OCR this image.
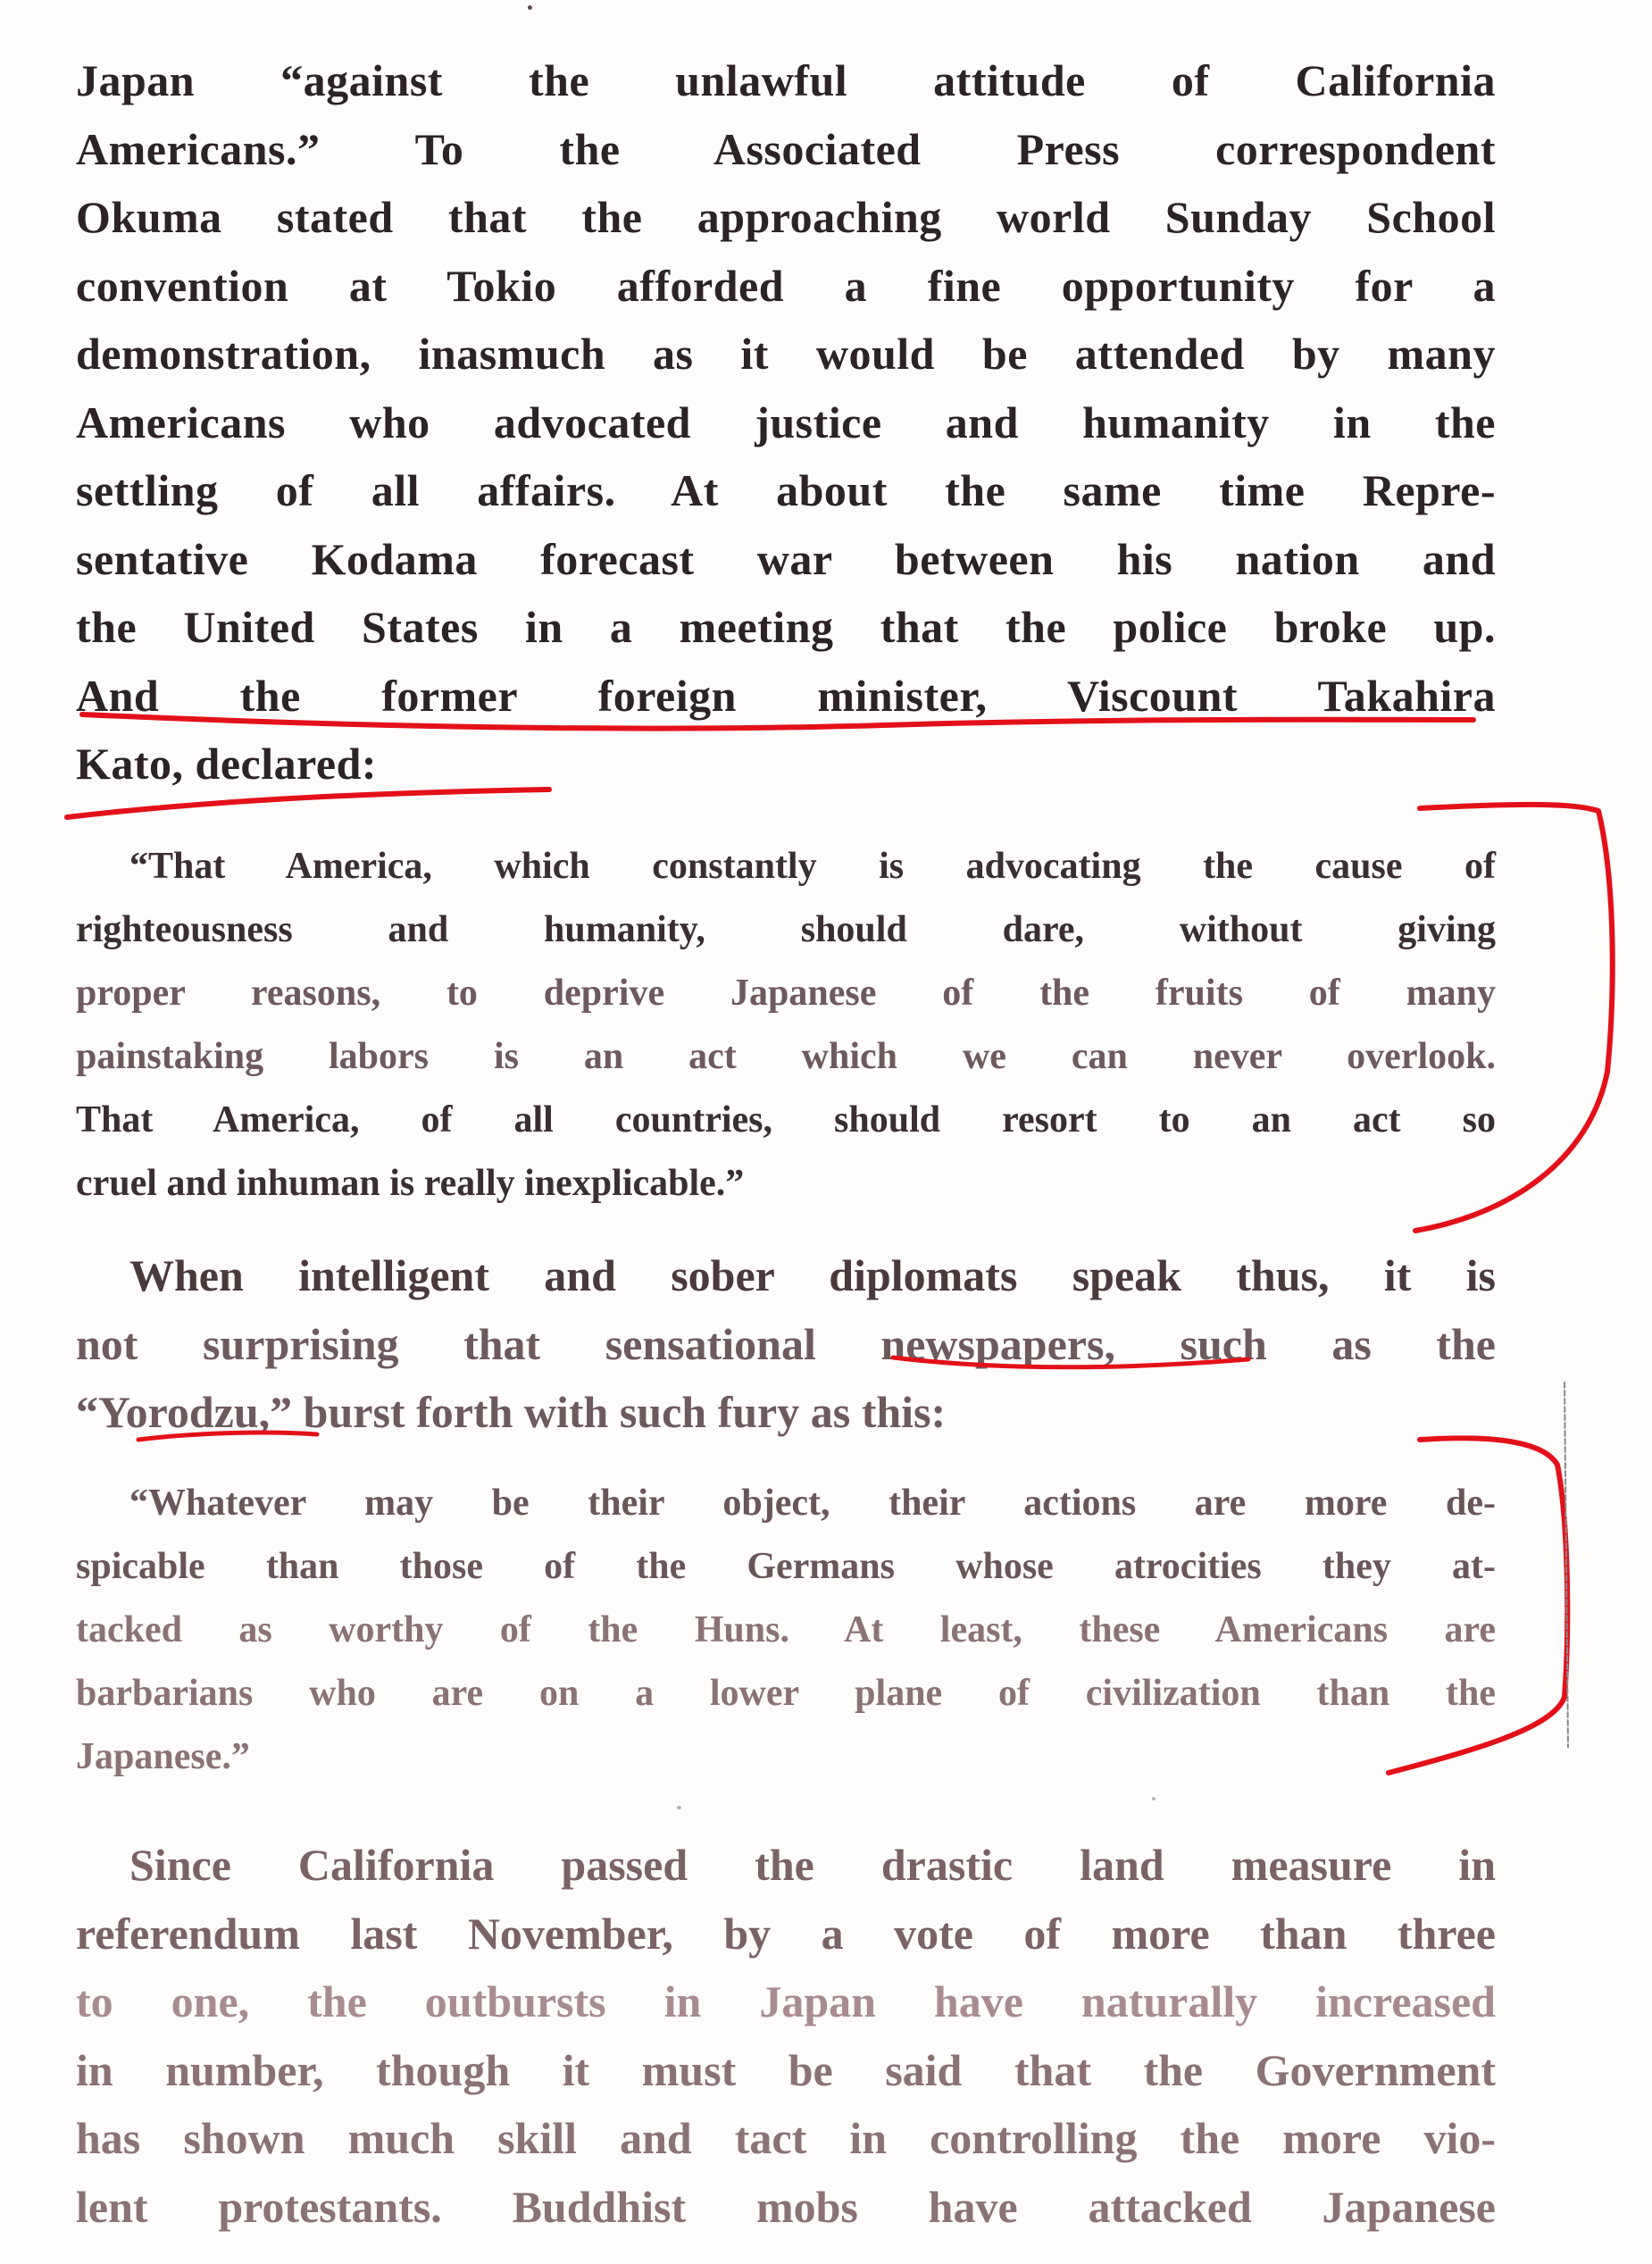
Japan “against the unlawful attitude of California
Americans.” To the Associated Press correspondent
Okuma stated that the approaching world Sunday School
convention at Tokio afforded a fine opportunity for a
demonstration, inasmuch as it would be attended by many
Americans who advocated justice and humanity in the
settling of all affairs. At about the same time Repre-
sentative Kodama forecast war between his nation and
the United States in a meeting that the police broke up.
And the former foreign minister, Viscount Takahira
Kato, declared:
“That America, which constantly is advocating the cause of
righteousness and humanity, should dare, without giving
proper reasons, to deprive Japanese of the fruits of many
painstaking labors is an act which we can never overlook.
That America, of all countries, should resort to an act so
cruel and inhuman is really inexplicable.”
When intelligent and sober diplomats speak thus, it is
not surprising that sensational newspapers, such as the
“Yorodzu,” burst forth with such fury as this:
“Whatever may be their object, their actions are more de-
spicable than those of the Germans whose atrocities they at-
tacked as worthy of the Huns. At least, these Americans are
barbarians who are on a lower plane of civilization than the
Japanese.”
Since California passed the drastic land measure in
referendum last November, by a vote of more than three
to one, the outbursts in Japan have naturally increased
in number, though it must be said that the Government
has shown much skill and tact in controlling the more vio-
lent protestants. Buddhist mobs have attacked Japanese
